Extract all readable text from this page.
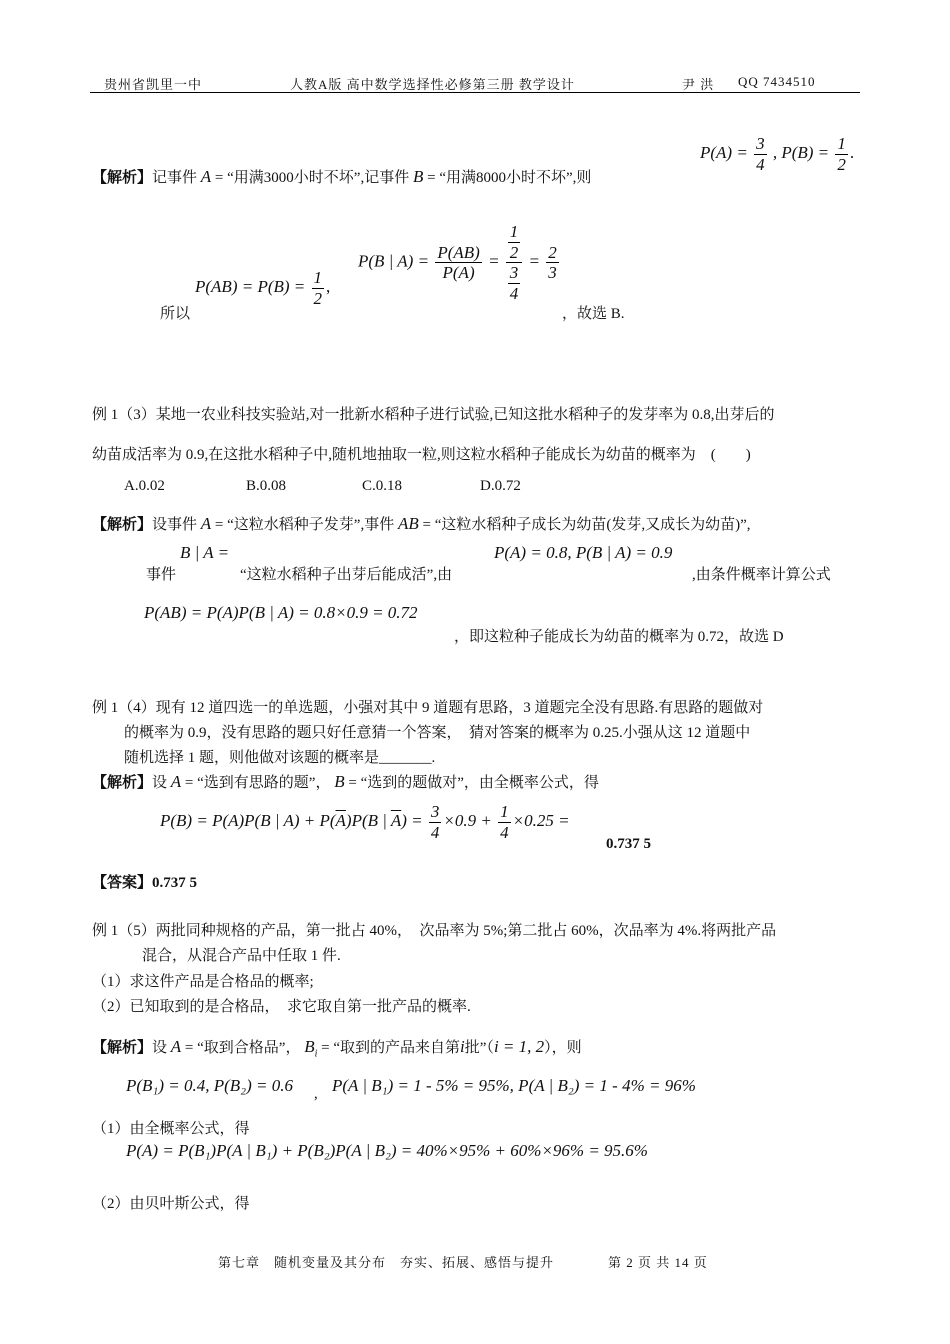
贵州省凯里一中	人教A版 高中数学选择性必修第三册 教学设计	尹 洪 QQ 7434510
【解析】记事件 A = “用满3000小时不坏”,记事件 B = “用满8000小时不坏”,则
$P(A) = \frac{3}{4}$ , $P(B) = \frac{1}{2}$ .
所以
$P(AB) = P(B) = \frac{1}{2}$ ,
P(B | $A) = \frac{P(AB)}{P(A)} = \frac{\frac{1}{2}}{\frac{3}{4}} = \frac{2}{3}$
，故选 B.
例 1（3）某地一农业科技实验站,对一批新水稻种子进行试验,已知这批水稻种子的发芽率为 0.8,出芽后的
幼苗成活率为 0.9,在这批水稻种子中,随机地抽取一粒,则这粒水稻种子能成长为幼苗的概率为　(　　)
A.0.02	B.0.08	C.0.18	D.0.72
【解析】设事件 A = “这粒水稻种子发芽”,事件 AB = “这粒水稻种子成长为幼苗(发芽,又成长为幼苗)”,
事件
B | A =
“这粒水稻种子出芽后能成活”,由
P(A) = 0.8, P(B | A) = 0.9
,由条件概率计算公式
P(AB) = P(A)P(B | A) = 0.8×0.9 = 0.72
，即这粒种子能成长为幼苗的概率为 0.72，故选 D
例 1（4）现有 12 道四选一的单选题，小强对其中 9 道题有思路，3 道题完全没有思路.有思路的题做对
的概率为 0.9，没有思路的题只好任意猜一个答案，　猜对答案的概率为 0.25.小强从这 12 道题中
随机选择 1 题，则他做对该题的概率是_______.
【解析】设 A = “选到有思路的题”， B = “选到的题做对”，由全概率公式，得
P(B) = P(A)P(B | $A) + P(\overline{A})P(B$ | $\overline{A}) = \frac{3}{4} \times 0.9 + \frac{1}{4} \times 0.25$ =
0.737 5
【答案】0.737 5
例 1（5）两批同种规格的产品，第一批占 40%，　次品率为 5%;第二批占 60%，次品率为 4%.将两批产品
混合，从混合产品中任取 1 件.
（1）求这件产品是合格品的概率;
（2）已知取到的是合格品，　求它取自第一批产品的概率.
【解析】设 A = “取到合格品”， $B_i$ = “取到的产品来自第i批”（i = 1, 2），则
P(B₁) = 0.4, P(B₂) = 0.6 , P(A | B₁) = 1 - 5% = 95%, P(A | B₂) = 1 - 4% = 96%
（1）由全概率公式，得
P(A) = P(B₁)P(A | B₁) + P(B₂)P(A | B₂) = 40%×95% + 60%×96% = 95.6%
（2）由贝叶斯公式，得
第七章　随机变量及其分布　夯实、拓展、感悟与提升	第 2 页 共 14 页
